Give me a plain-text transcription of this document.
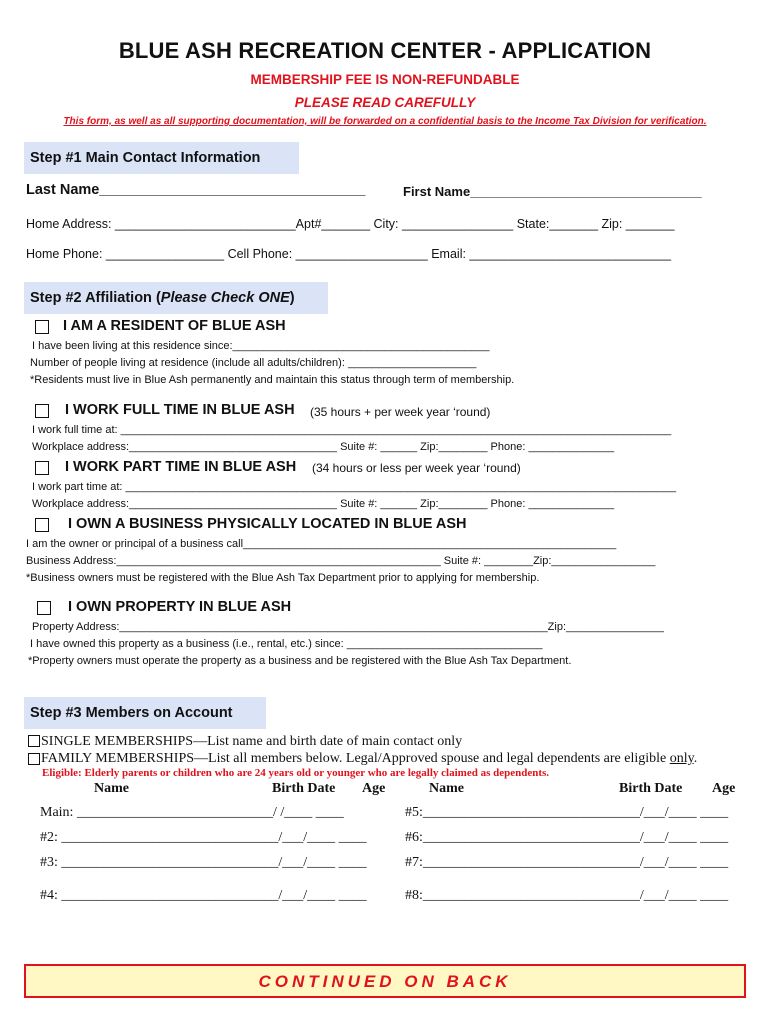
BLUE ASH RECREATION CENTER - APPLICATION
MEMBERSHIP FEE IS NON-REFUNDABLE
PLEASE READ CAREFULLY
This form, as well as all supporting documentation, will be forwarded on a confidential basis to the Income Tax Division for verification.
Step #1 Main Contact Information
Last Name_________________________________	First Name________________________________
Home Address: __________________________Apt#_______ City: ________________ State:_______ Zip: _______
Home Phone: _________________ Cell Phone: ___________________ Email: _____________________________
Step #2 Affiliation (Please Check ONE)
I AM A RESIDENT OF BLUE ASH
I have been living at this residence since:__________________________________________
Number of people living at residence (include all adults/children): _____________________
*Residents must live in Blue Ash permanently and maintain this status through term of membership.
I WORK FULL TIME IN BLUE ASH (35 hours + per week year ‘round)
I work full time at: __________________________________________________________________________________________
Workplace address:__________________________________ Suite #: ______ Zip:________ Phone: ______________
I WORK PART TIME IN BLUE ASH (34 hours or less per week year ‘round)
I work part time at: __________________________________________________________________________________________
Workplace address:__________________________________ Suite #: ______ Zip:________ Phone: ______________
I OWN A BUSINESS PHYSICALLY LOCATED IN BLUE ASH
I am the owner or principal of a business call_____________________________________________________________
Business Address:_____________________________________________________ Suite #: ________Zip:_________________
*Business owners must be registered with the Blue Ash Tax Department prior to applying for membership.
I OWN PROPERTY IN BLUE ASH
Property Address:______________________________________________________________________Zip:________________
I have owned this property as a business (i.e., rental, etc.) since: ________________________________
*Property owners must operate the property as a business and be registered with the Blue Ash Tax Department.
Step #3 Members on Account
SINGLE MEMBERSHIPS—List name and birth date of main contact only
FAMILY MEMBERSHIPS—List all members below. Legal/Approved spouse and legal dependents are eligible only.
Eligible: Elderly parents or children who are 24 years old or younger who are legally claimed as dependents.
Name	Birth Date Age	Name	Birth Date Age
Main: ____________________________/ /____ ____
#2: _______________________________/___/____ ____
#3: _______________________________/___/____ ____
#4: _______________________________/___/____ ____
#5:_______________________________/___/____ ____
#6:_______________________________/___/____ ____
#7:_______________________________/___/____ ____
#8:_______________________________/___/____ ____
CONTINUED ON BACK
